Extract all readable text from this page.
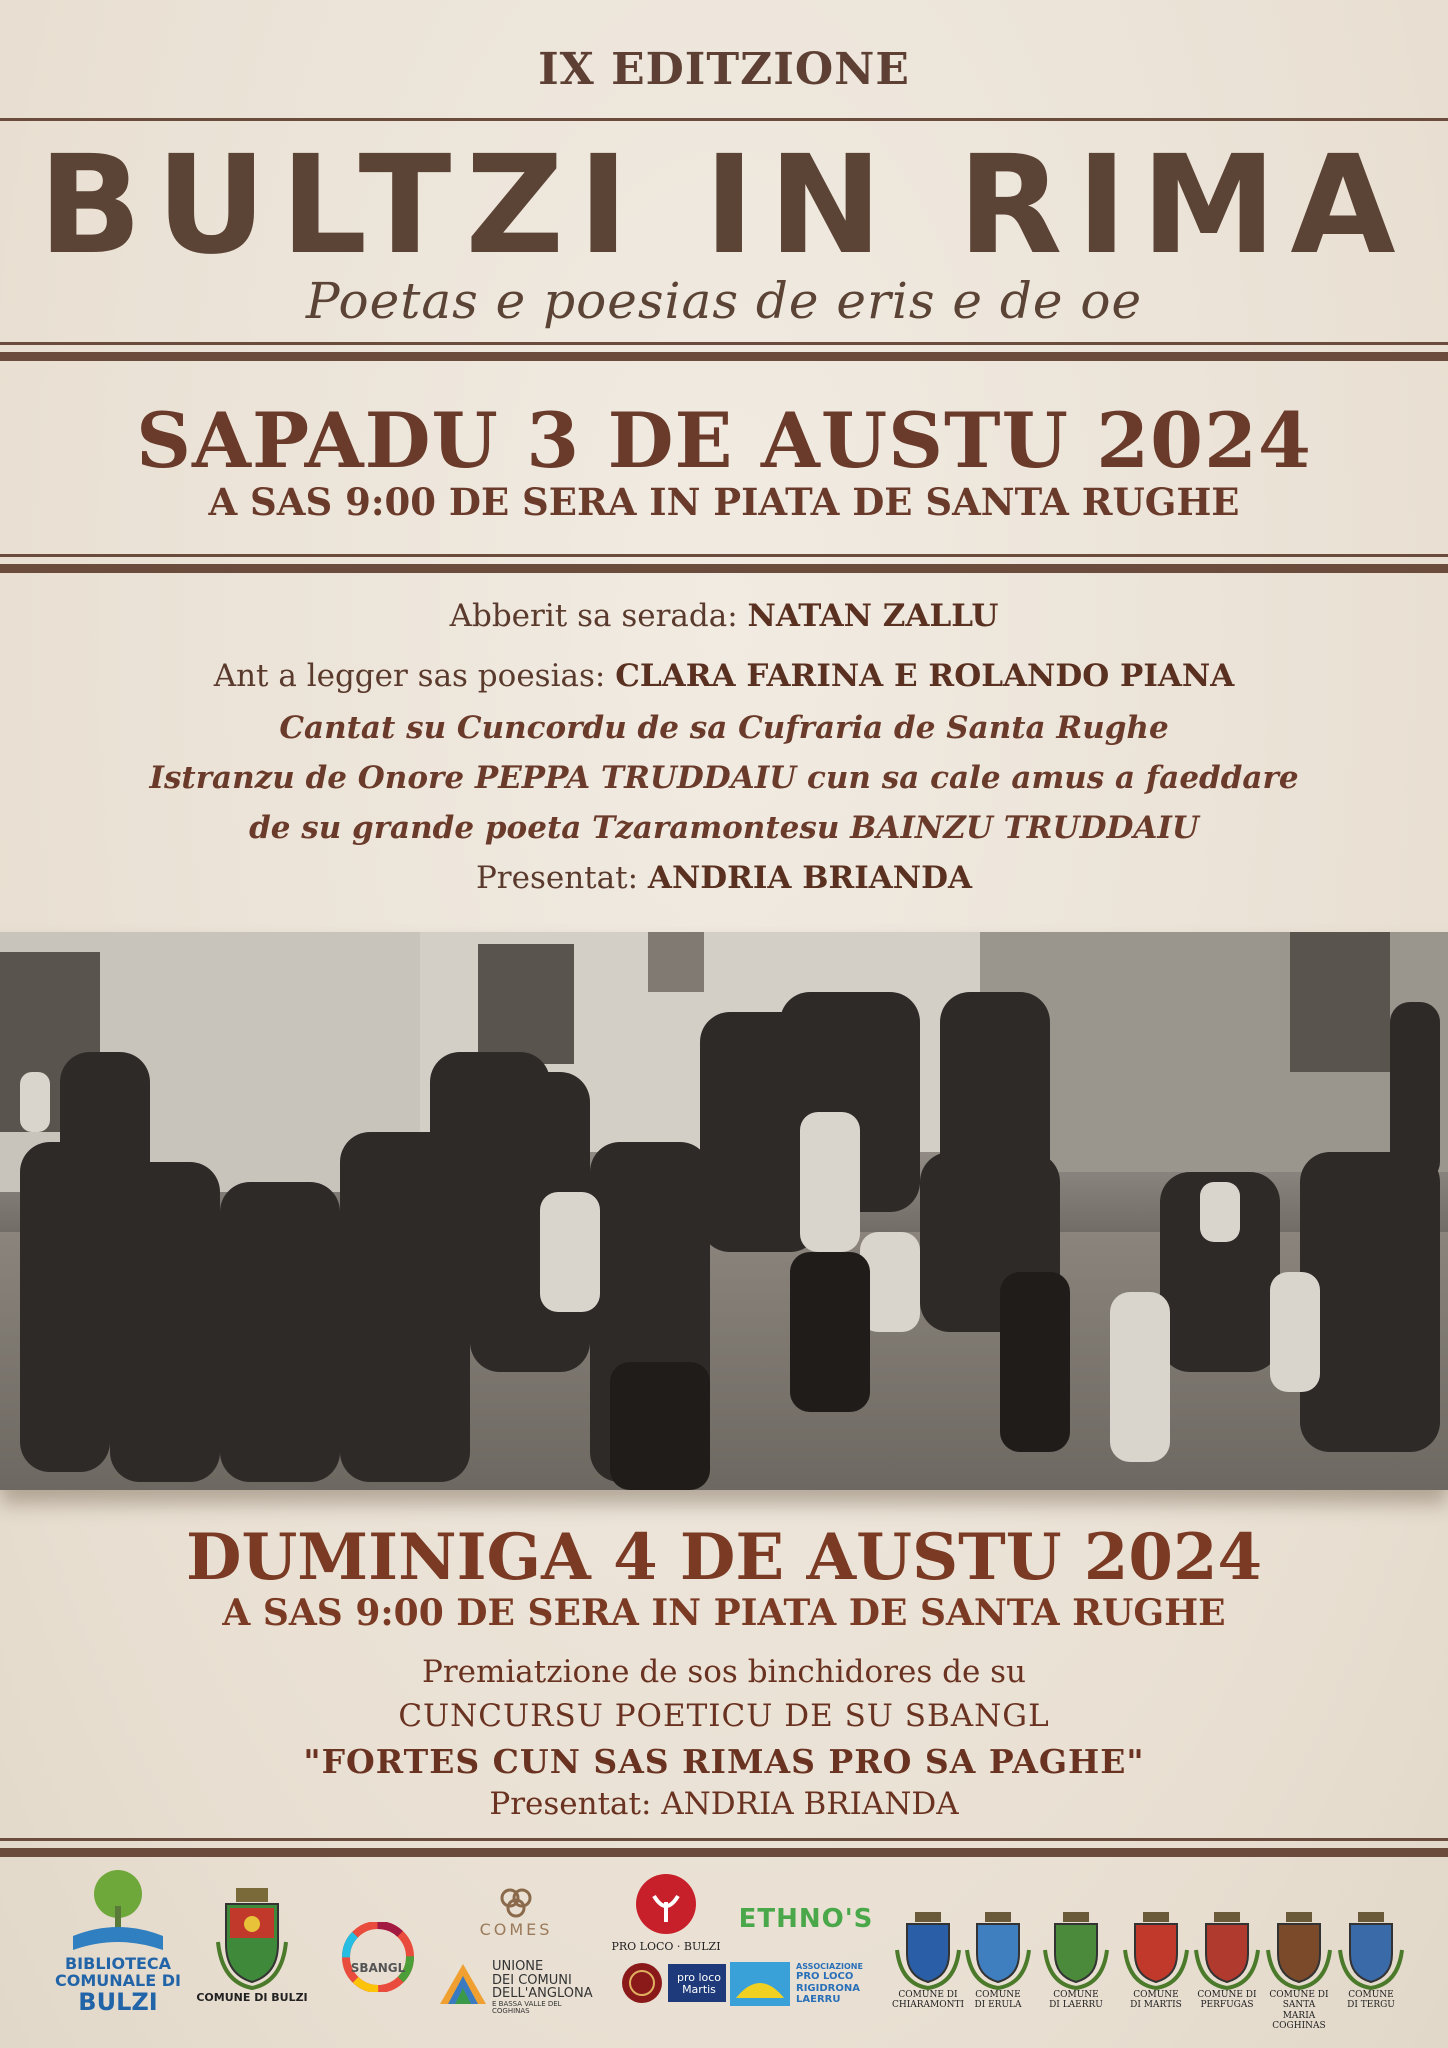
IX EDITZIONE
BULTZI IN RIMA
Poetas e poesias de eris e de oe
SAPADU 3 DE AUSTU 2024
A SAS 9:00 DE SERA IN PIATA DE SANTA RUGHE
Abberit sa serada: NATAN ZALLU
Ant a legger sas poesias: CLARA FARINA E ROLANDO PIANA
Cantat su Cuncordu de sa Cufraria de Santa Rughe
Istranzu de Onore PEPPA TRUDDAIU cun sa cale amus a faeddare
de su grande poeta Tzaramontesu BAINZU TRUDDAIU
Presentat: ANDRIA BRIANDA
DUMINIGA 4 DE AUSTU 2024
A SAS 9:00 DE SERA IN PIATA DE SANTA RUGHE
Premiatzione de sos binchidores de su
CUNCURSU POETICU DE SU SBANGL
"FORTES CUN SAS RIMAS PRO SA PAGHE"
Presentat: ANDRIA BRIANDA
BIBLIOTECA
COMUNALE DI
BULZI	COMUNE DI BULZI
SBANGL
COMES
UNIONE
DEI COMUNI
DELL'ANGLONA
E BASSA VALLE DEL COGHINAS
PRO LOCO · BULZI
pro loco Martis
ETHNO'S
ASSOCIAZIONE
PRO LOCO
RIGIDRONA
LAERRU	COMUNE DI
CHIARAMONTI
COMUNE
DI ERULA
COMUNE
DI LAERRU
COMUNE
DI MARTIS
COMUNE DI
PERFUGAS
COMUNE DI SANTA
MARIA COGHINAS
COMUNE
DI TERGU
